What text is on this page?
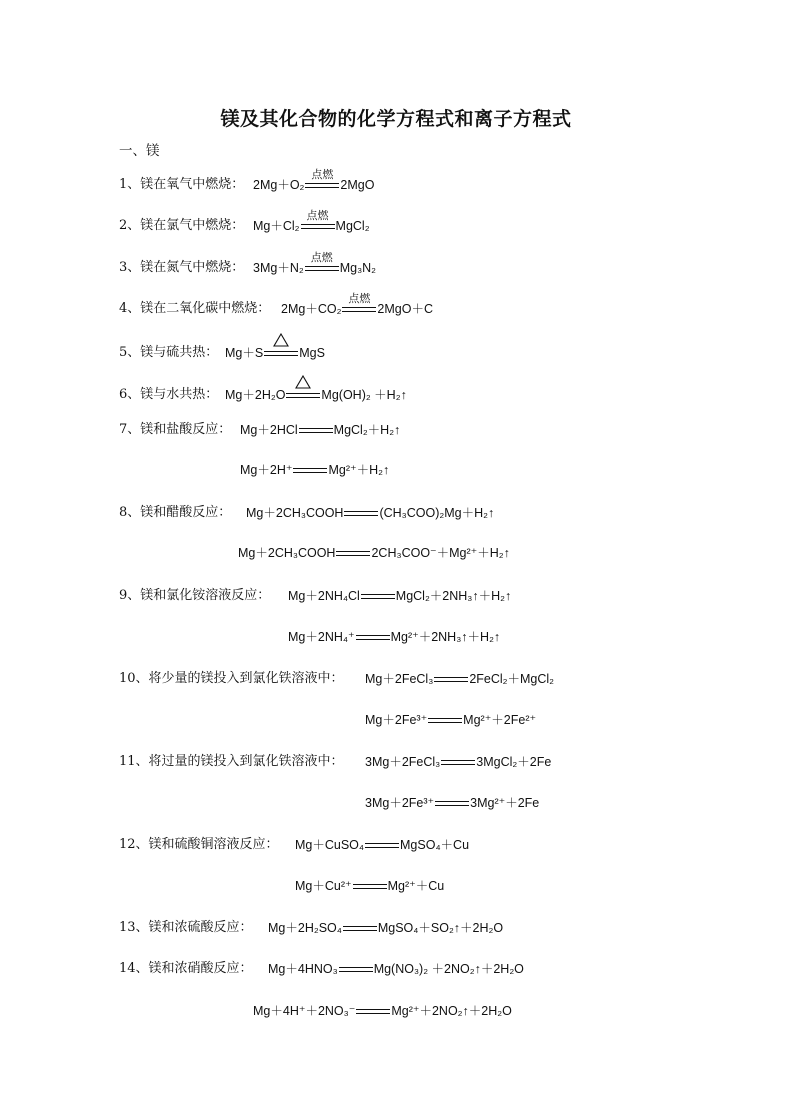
镁及其化合物的化学方程式和离子方程式
一、镁
1、镁在氧气中燃烧： 2Mg＋O₂
点燃
2MgO
2、镁在氯气中燃烧： Mg＋Cl₂
点燃
MgCl₂
3、镁在氮气中燃烧： 3Mg＋N₂
点燃
Mg₃N₂
4、镁在二氧化碳中燃烧： 2Mg＋CO₂
点燃
2MgO＋C
5、镁与硫共热： Mg＋S	MgS
6、镁与水共热： Mg＋2H₂O	Mg(OH)₂ ＋H₂↑
7、镁和盐酸反应： Mg＋2HCl	MgCl₂＋H₂↑
Mg＋2H⁺	Mg²⁺＋H₂↑
8、镁和醋酸反应： Mg＋2CH₃COOH	(CH₃COO)₂Mg＋H₂↑
Mg＋2CH₃COOH	2CH₃COO⁻＋Mg²⁺＋H₂↑
9、镁和氯化铵溶液反应： Mg＋2NH₄Cl	MgCl₂＋2NH₃↑＋H₂↑
Mg＋2NH₄⁺	Mg²⁺＋2NH₃↑＋H₂↑
10、将少量的镁投入到氯化铁溶液中： Mg＋2FeCl₃	2FeCl₂＋MgCl₂
Mg＋2Fe³⁺	Mg²⁺＋2Fe²⁺
11、将过量的镁投入到氯化铁溶液中： 3Mg＋2FeCl₃	3MgCl₂＋2Fe
3Mg＋2Fe³⁺	3Mg²⁺＋2Fe
12、镁和硫酸铜溶液反应： Mg＋CuSO₄	MgSO₄＋Cu
Mg＋Cu²⁺	Mg²⁺＋Cu
13、镁和浓硫酸反应： Mg＋2H₂SO₄	MgSO₄＋SO₂↑＋2H₂O
14、镁和浓硝酸反应： Mg＋4HNO₃	Mg(NO₃)₂ ＋2NO₂↑＋2H₂O
Mg＋4H⁺＋2NO₃⁻	Mg²⁺＋2NO₂↑＋2H₂O
